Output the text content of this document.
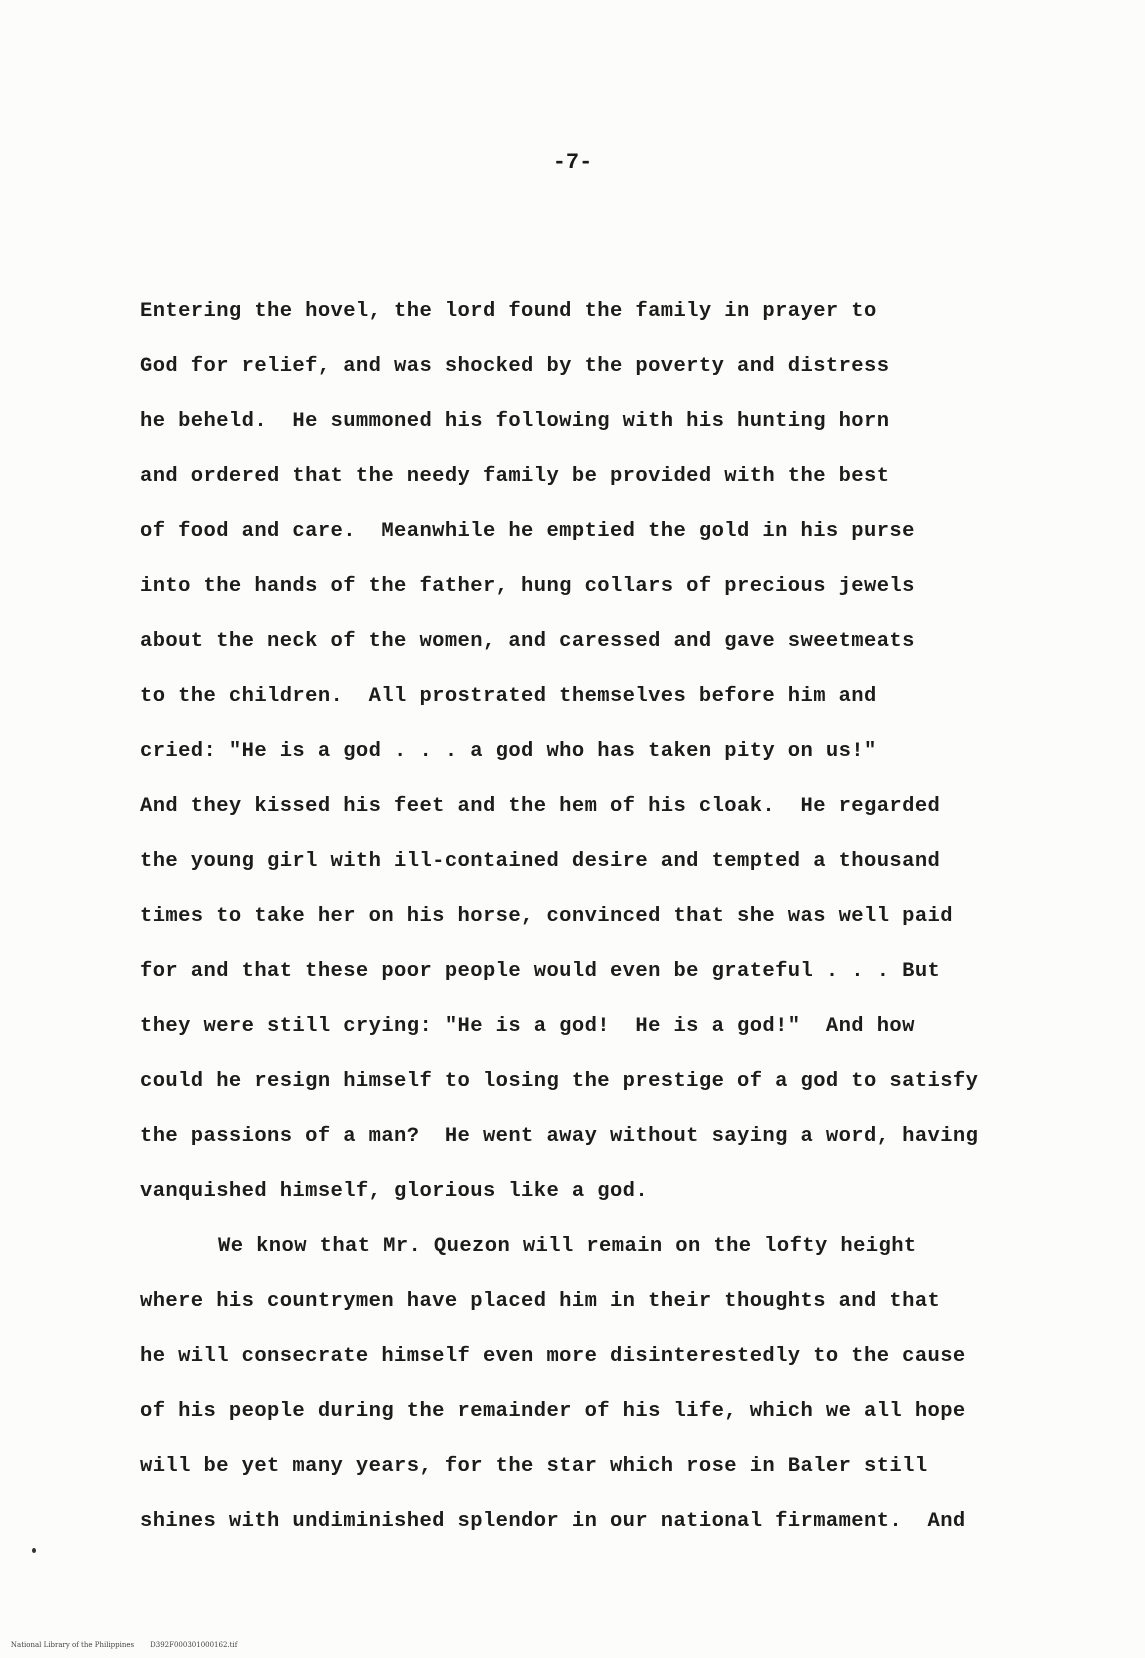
-7-
Entering the hovel, the lord found the family in prayer to
God for relief, and was shocked by the poverty and distress
he beheld.  He summoned his following with his hunting horn
and ordered that the needy family be provided with the best
of food and care.  Meanwhile he emptied the gold in his purse
into the hands of the father, hung collars of precious jewels
about the neck of the women, and caressed and gave sweetmeats
to the children.  All prostrated themselves before him and
cried: "He is a god . . . a god who has taken pity on us!"
And they kissed his feet and the hem of his cloak.  He regarded
the young girl with ill-contained desire and tempted a thousand
times to take her on his horse, convinced that she was well paid
for and that these poor people would even be grateful . . . But
they were still crying: "He is a god!  He is a god!"  And how
could he resign himself to losing the prestige of a god to satisfy
the passions of a man?  He went away without saying a word, having
vanquished himself, glorious like a god.
We know that Mr. Quezon will remain on the lofty height
where his countrymen have placed him in their thoughts and that
he will consecrate himself even more disinterestedly to the cause
of his people during the remainder of his life, which we all hope
will be yet many years, for the star which rose in Baler still
shines with undiminished splendor in our national firmament.  And

National Library of the Philippines D392F000301000162.tif
